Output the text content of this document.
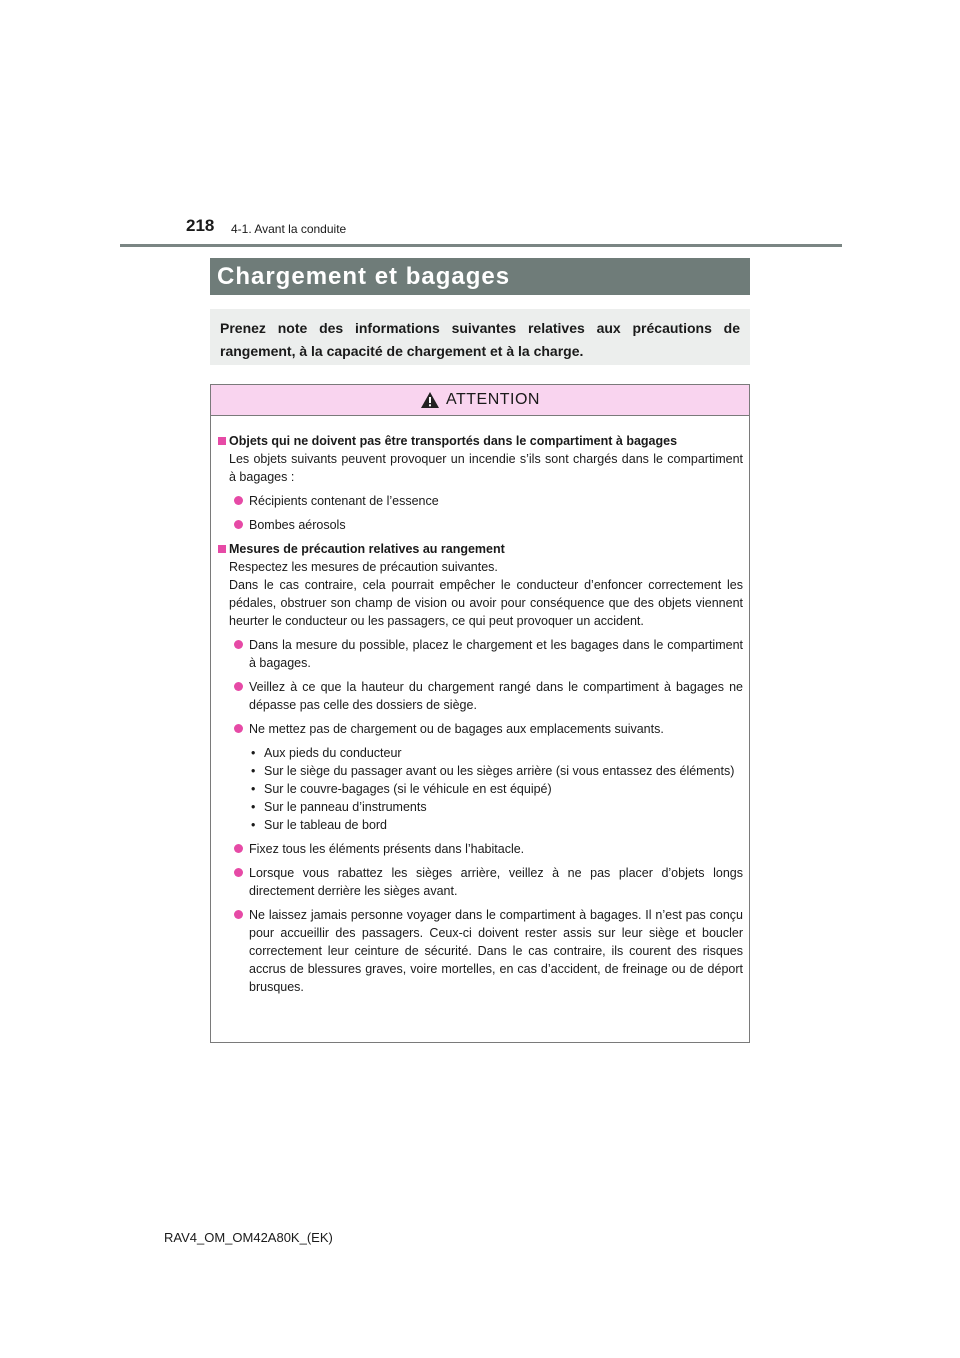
218 4-1. Avant la conduite
Chargement et bagages
Prenez note des informations suivantes relatives aux précautions de rangement, à la capacité de chargement et à la charge.
ATTENTION
Objets qui ne doivent pas être transportés dans le compartiment à bagages
Les objets suivants peuvent provoquer un incendie s’ils sont chargés dans le compartiment à bagages :
Récipients contenant de l’essence
Bombes aérosols
Mesures de précaution relatives au rangement
Respectez les mesures de précaution suivantes.
Dans le cas contraire, cela pourrait empêcher le conducteur d’enfoncer correctement les pédales, obstruer son champ de vision ou avoir pour conséquence que des objets viennent heurter le conducteur ou les passagers, ce qui peut provoquer un accident.
Dans la mesure du possible, placez le chargement et les bagages dans le compartiment à bagages.
Veillez à ce que la hauteur du chargement rangé dans le compartiment à bagages ne dépasse pas celle des dossiers de siège.
Ne mettez pas de chargement ou de bagages aux emplacements suivants.
• Aux pieds du conducteur
• Sur le siège du passager avant ou les sièges arrière (si vous entassez des éléments)
• Sur le couvre-bagages (si le véhicule en est équipé)
• Sur le panneau d’instruments
• Sur le tableau de bord
Fixez tous les éléments présents dans l’habitacle.
Lorsque vous rabattez les sièges arrière, veillez à ne pas placer d’objets longs directement derrière les sièges avant.
Ne laissez jamais personne voyager dans le compartiment à bagages. Il n’est pas conçu pour accueillir des passagers. Ceux-ci doivent rester assis sur leur siège et boucler correctement leur ceinture de sécurité. Dans le cas contraire, ils courent des risques accrus de blessures graves, voire mortelles, en cas d’accident, de freinage ou de déport brusques.
RAV4_OM_OM42A80K_(EK)
